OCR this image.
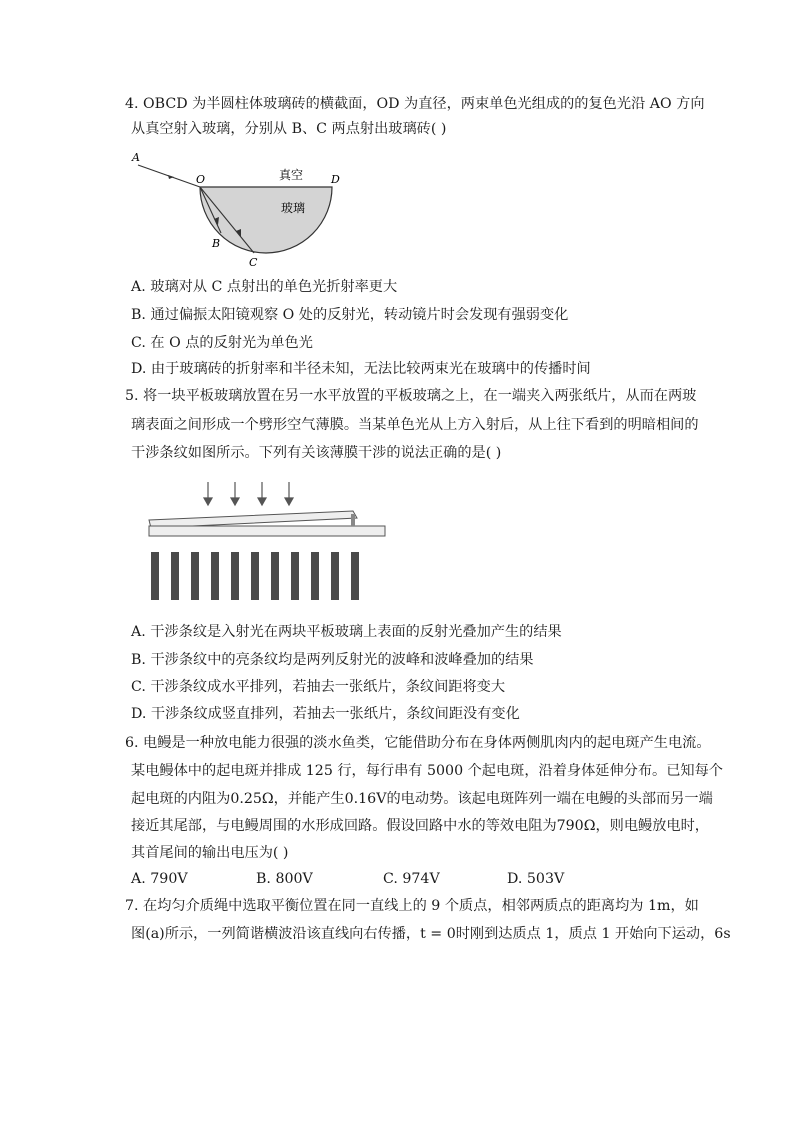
4. OBCD 为半圆柱体玻璃砖的横截面，OD 为直径，两束单色光组成的的复色光沿 AO 方向
从真空射入玻璃，分别从 B、C 两点射出玻璃砖( )
A
O	D
B
C
真空
玻璃
A. 玻璃对从 C 点射出的单色光折射率更大
B. 通过偏振太阳镜观察 O 处的反射光，转动镜片时会发现有强弱变化
C. 在 O 点的反射光为单色光
D. 由于玻璃砖的折射率和半径未知，无法比较两束光在玻璃中的传播时间
5. 将一块平板玻璃放置在另一水平放置的平板玻璃之上，在一端夹入两张纸片，从而在两玻
璃表面之间形成一个劈形空气薄膜。当某单色光从上方入射后，从上往下看到的明暗相间的
干涉条纹如图所示。下列有关该薄膜干涉的说法正确的是( )
A. 干涉条纹是入射光在两块平板玻璃上表面的反射光叠加产生的结果
B. 干涉条纹中的亮条纹均是两列反射光的波峰和波峰叠加的结果
C. 干涉条纹成水平排列，若抽去一张纸片，条纹间距将变大
D. 干涉条纹成竖直排列，若抽去一张纸片，条纹间距没有变化
6. 电鳗是一种放电能力很强的淡水鱼类，它能借助分布在身体两侧肌肉内的起电斑产生电流。
某电鳗体中的起电斑并排成 125 行，每行串有 5000 个起电斑，沿着身体延伸分布。已知每个
起电斑的内阻为0.25Ω，并能产生0.16V的电动势。该起电斑阵列一端在电鳗的头部而另一端
接近其尾部，与电鳗周围的水形成回路。假设回路中水的等效电阻为790Ω，则电鳗放电时，
其首尾间的输出电压为( )
A. 790V	B. 800V	C. 974V	D. 503V
7. 在均匀介质绳中选取平衡位置在同一直线上的 9 个质点，相邻两质点的距离均为 1m，如
图(a)所示，一列简谐横波沿该直线向右传播，t = 0时刚到达质点 1，质点 1 开始向下运动，6s
